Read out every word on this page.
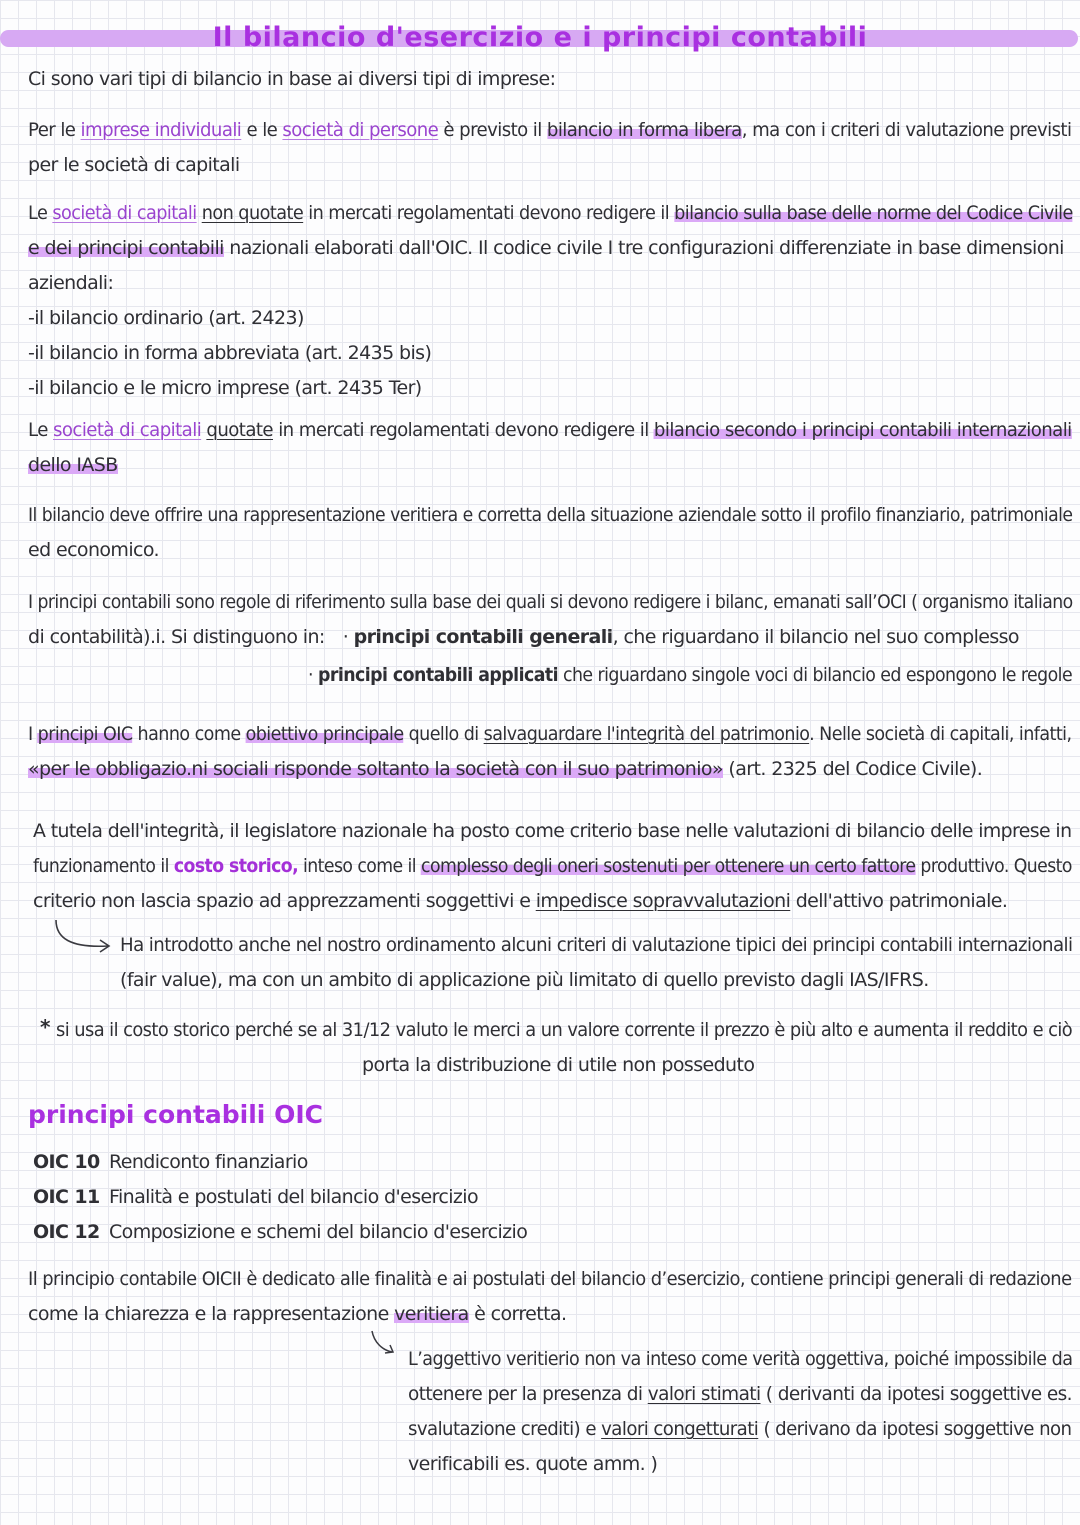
Il bilancio d'esercizio e i principi contabili
Ci sono vari tipi di bilancio in base ai diversi tipi di imprese:
Per le imprese individuali e le società di persone è previsto il bilancio in forma libera, ma con i criteri di valutazione previsti
per le società di capitali
Le società di capitali non quotate in mercati regolamentati devono redigere il bilancio sulla base delle norme del Codice Civile
e dei principi contabili nazionali elaborati dall'OIC. Il codice civile I tre configurazioni differenziate in base dimensioni
aziendali:
-il bilancio ordinario (art. 2423)
-il bilancio in forma abbreviata (art. 2435 bis)
-il bilancio e le micro imprese (art. 2435 Ter)
Le società di capitali quotate in mercati regolamentati devono redigere il bilancio secondo i principi contabili internazionali
dello IASB
Il bilancio deve offrire una rappresentazione veritiera e corretta della situazione aziendale sotto il profilo finanziario, patrimoniale
ed economico.
I principi contabili sono regole di riferimento sulla base dei quali si devono redigere i bilanc, emanati sall’OCI ( organismo italiano
di contabilità).i. Si distinguono in: · principi contabili generali, che riguardano il bilancio nel suo complesso
· principi contabili applicati che riguardano singole voci di bilancio ed espongono le regole
I principi OIC hanno come obiettivo principale quello di salvaguardare l'integrità del patrimonio. Nelle società di capitali, infatti,
«per le obbligazio.ni sociali risponde soltanto la società con il suo patrimonio» (art. 2325 del Codice Civile).
A tutela dell'integrità, il legislatore nazionale ha posto come criterio base nelle valutazioni di bilancio delle imprese in
funzionamento il costo storico, inteso come il complesso degli oneri sostenuti per ottenere un certo fattore produttivo. Questo
criterio non lascia spazio ad apprezzamenti soggettivi e impedisce sopravvalutazioni dell'attivo patrimoniale.
Ha introdotto anche nel nostro ordinamento alcuni criteri di valutazione tipici dei principi contabili internazionali
(fair value), ma con un ambito di applicazione più limitato di quello previsto dagli IAS/IFRS.
* si usa il costo storico perché se al 31/12 valuto le merci a un valore corrente il prezzo è più alto e aumenta il reddito e ciò
porta la distribuzione di utile non posseduto
principi contabili OIC
OIC 10 Rendiconto finanziario
OIC 11 Finalità e postulati del bilancio d'esercizio
OIC 12 Composizione e schemi del bilancio d'esercizio
Il principio contabile OICII è dedicato alle finalità e ai postulati del bilancio d’esercizio, contiene principi generali di redazione
come la chiarezza e la rappresentazione veritiera è corretta.
L’aggettivo veritierio non va inteso come verità oggettiva, poiché impossibile da
ottenere per la presenza di valori stimati ( derivanti da ipotesi soggettive es.
svalutazione crediti) e valori congetturati ( derivano da ipotesi soggettive non
verificabili es. quote amm. )
